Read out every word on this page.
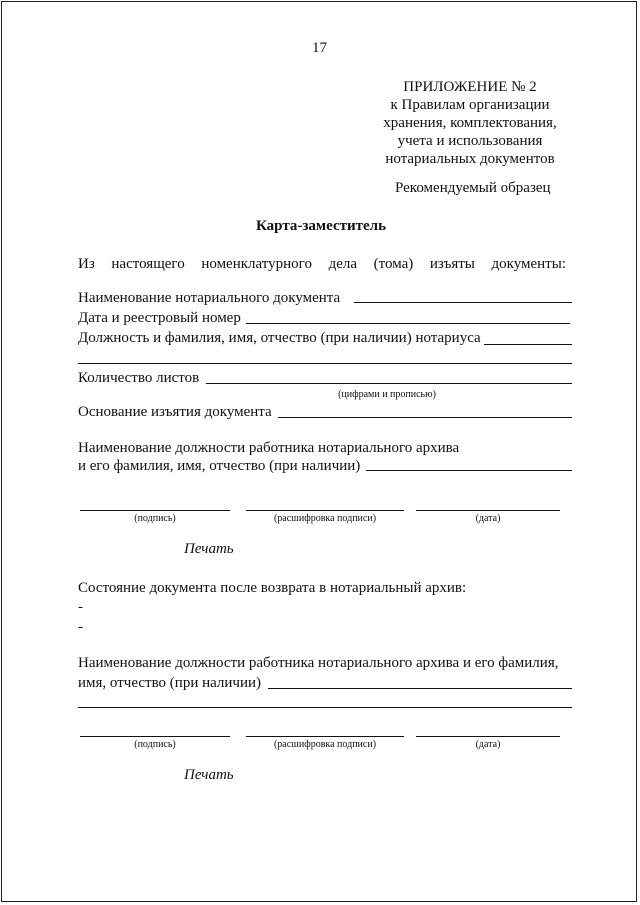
17
ПРИЛОЖЕНИЕ № 2
к Правилам организации
хранения, комплектования,
учета и использования
нотариальных документов
Рекомендуемый образец
Карта-заместитель
Из настоящего номенклатурного дела (тома) изъяты документы:
Наименование нотариального документа
Дата и реестровый номер
Должность и фамилия, имя, отчество (при наличии) нотариуса
Количество листов
(цифрами и прописью)
Основание изъятия документа
Наименование должности работника нотариального архива
и его фамилия, имя, отчество (при наличии)
(подпись)	(расшифровка подписи)	(дата)
Печать
Состояние документа после возврата в нотариальный архив:
-
-
Наименование должности работника нотариального архива и его фамилия,
имя, отчество (при наличии)
(подпись)	(расшифровка подписи)	(дата)
Печать
